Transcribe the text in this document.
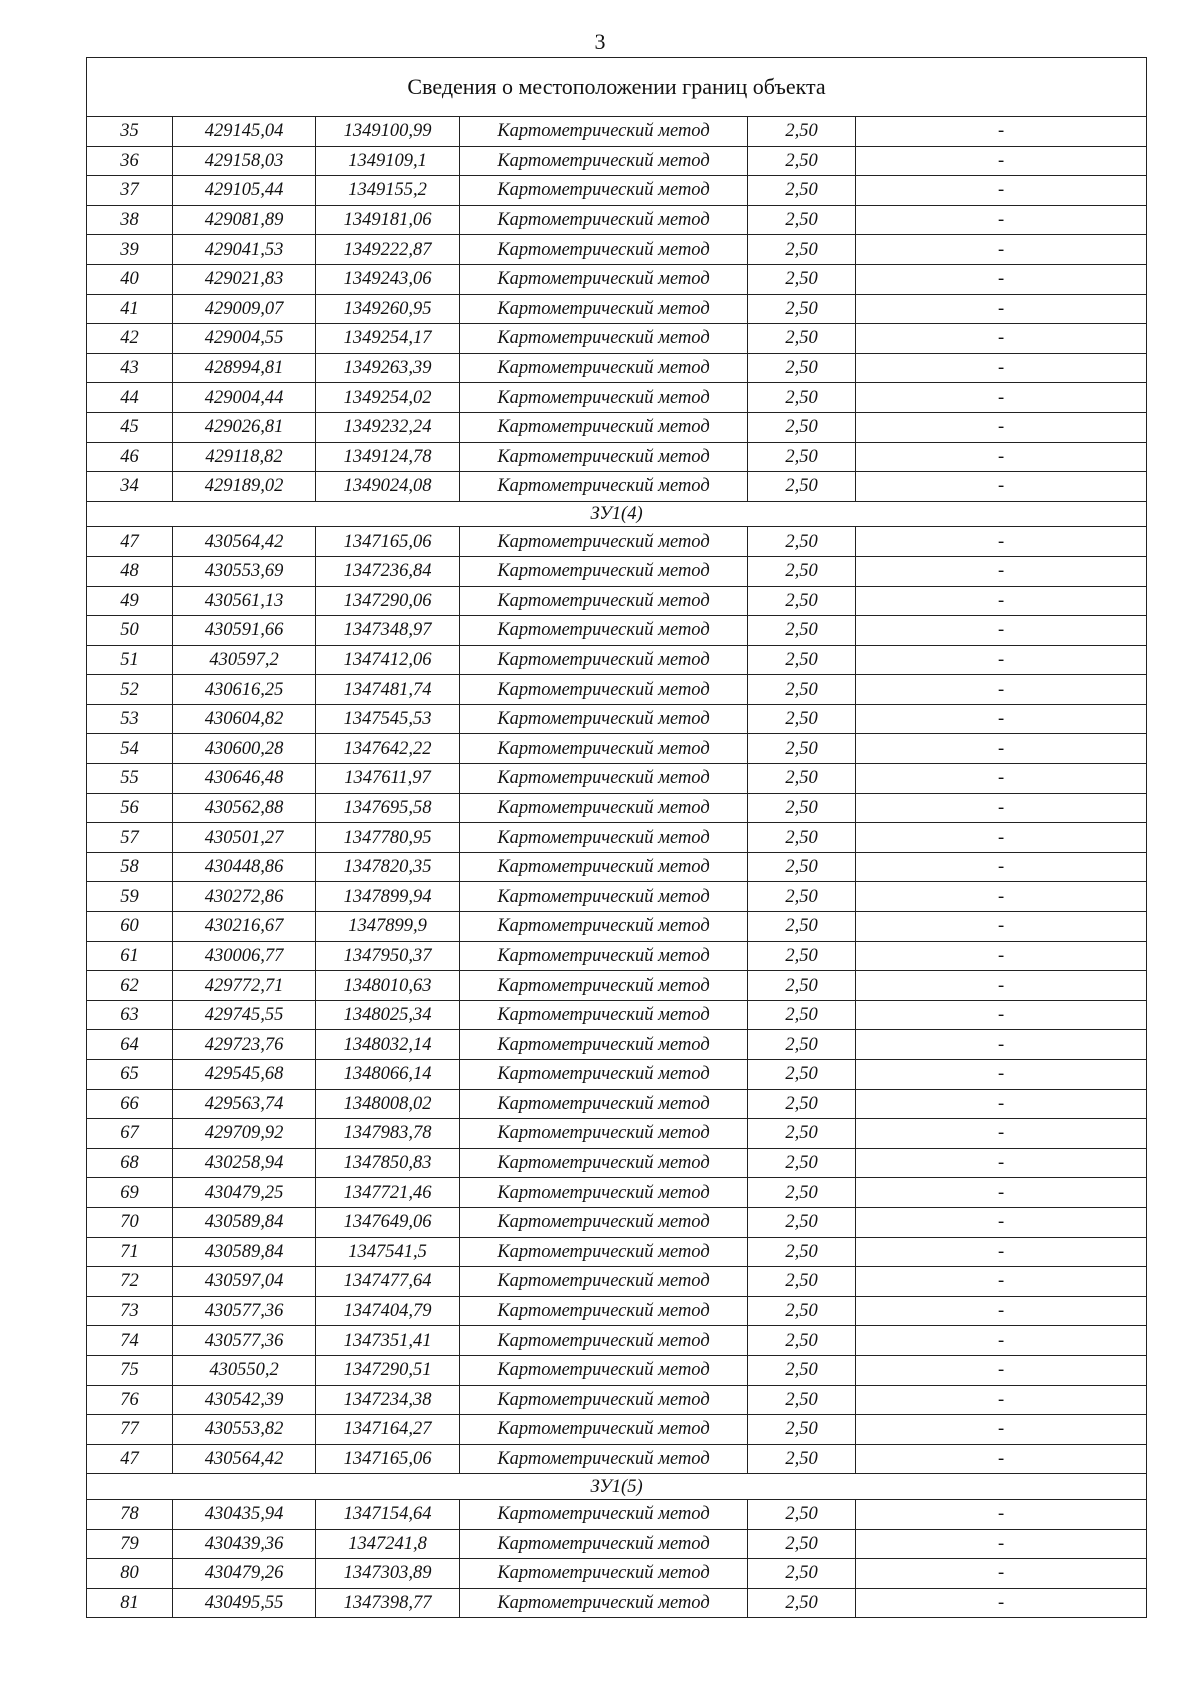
3
Сведения о местоположении границ объекта					
35	429145,04	1349100,99	Картометрический метод	2,50	-
36	429158,03	1349109,1	Картометрический метод	2,50	-
37	429105,44	1349155,2	Картометрический метод	2,50	-
38	429081,89	1349181,06	Картометрический метод	2,50	-
39	429041,53	1349222,87	Картометрический метод	2,50	-
40	429021,83	1349243,06	Картометрический метод	2,50	-
41	429009,07	1349260,95	Картометрический метод	2,50	-
42	429004,55	1349254,17	Картометрический метод	2,50	-
43	428994,81	1349263,39	Картометрический метод	2,50	-
44	429004,44	1349254,02	Картометрический метод	2,50	-
45	429026,81	1349232,24	Картометрический метод	2,50	-
46	429118,82	1349124,78	Картометрический метод	2,50	-
34	429189,02	1349024,08	Картометрический метод	2,50	-
ЗУ1(4)					
47	430564,42	1347165,06	Картометрический метод	2,50	-
48	430553,69	1347236,84	Картометрический метод	2,50	-
49	430561,13	1347290,06	Картометрический метод	2,50	-
50	430591,66	1347348,97	Картометрический метод	2,50	-
51	430597,2	1347412,06	Картометрический метод	2,50	-
52	430616,25	1347481,74	Картометрический метод	2,50	-
53	430604,82	1347545,53	Картометрический метод	2,50	-
54	430600,28	1347642,22	Картометрический метод	2,50	-
55	430646,48	1347611,97	Картометрический метод	2,50	-
56	430562,88	1347695,58	Картометрический метод	2,50	-
57	430501,27	1347780,95	Картометрический метод	2,50	-
58	430448,86	1347820,35	Картометрический метод	2,50	-
59	430272,86	1347899,94	Картометрический метод	2,50	-
60	430216,67	1347899,9	Картометрический метод	2,50	-
61	430006,77	1347950,37	Картометрический метод	2,50	-
62	429772,71	1348010,63	Картометрический метод	2,50	-
63	429745,55	1348025,34	Картометрический метод	2,50	-
64	429723,76	1348032,14	Картометрический метод	2,50	-
65	429545,68	1348066,14	Картометрический метод	2,50	-
66	429563,74	1348008,02	Картометрический метод	2,50	-
67	429709,92	1347983,78	Картометрический метод	2,50	-
68	430258,94	1347850,83	Картометрический метод	2,50	-
69	430479,25	1347721,46	Картометрический метод	2,50	-
70	430589,84	1347649,06	Картометрический метод	2,50	-
71	430589,84	1347541,5	Картометрический метод	2,50	-
72	430597,04	1347477,64	Картометрический метод	2,50	-
73	430577,36	1347404,79	Картометрический метод	2,50	-
74	430577,36	1347351,41	Картометрический метод	2,50	-
75	430550,2	1347290,51	Картометрический метод	2,50	-
76	430542,39	1347234,38	Картометрический метод	2,50	-
77	430553,82	1347164,27	Картометрический метод	2,50	-
47	430564,42	1347165,06	Картометрический метод	2,50	-
ЗУ1(5)					
78	430435,94	1347154,64	Картометрический метод	2,50	-
79	430439,36	1347241,8	Картометрический метод	2,50	-
80	430479,26	1347303,89	Картометрический метод	2,50	-
81	430495,55	1347398,77	Картометрический метод	2,50	-
